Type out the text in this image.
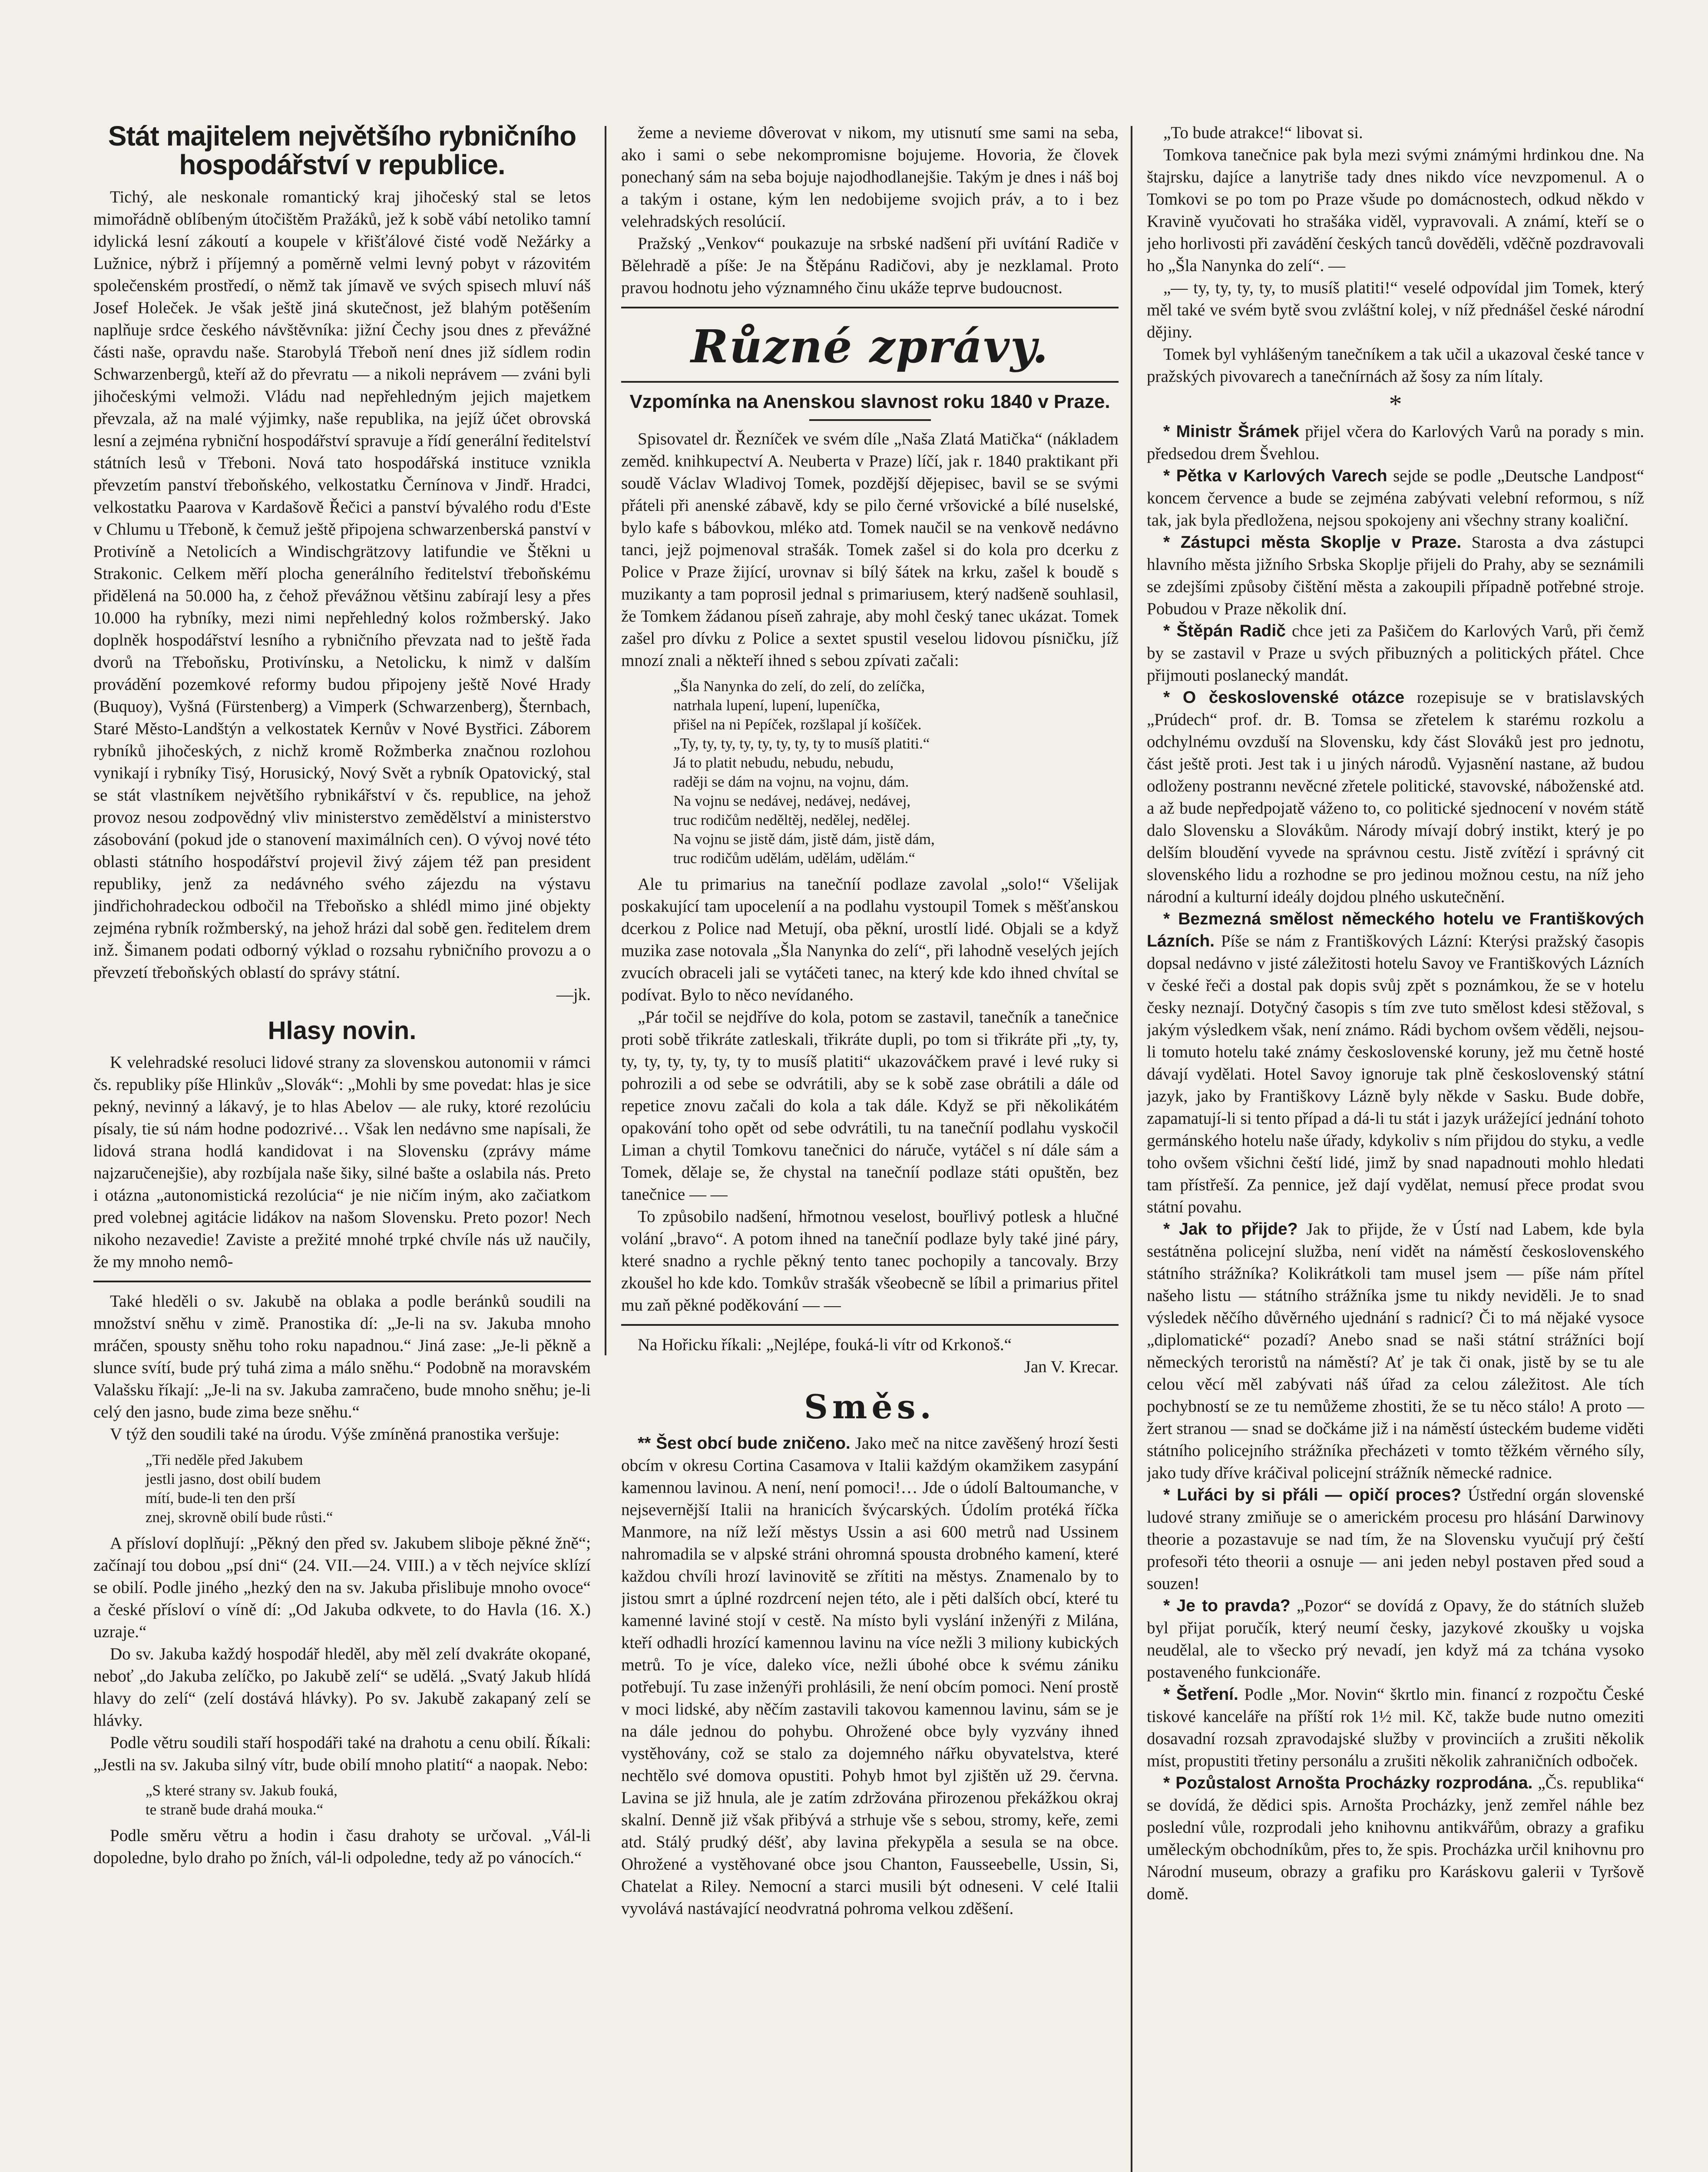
Stát majitelem největšího rybničního hospodářství v republice.

Tichý, ale neskonale romantický kraj jihočeský stal se letos mimořádně oblíbeným útočištěm Pražáků, jež k sobě vábí netoliko tamní idylická lesní zákoutí a koupele v křišťálové čisté vodě Nežárky a Lužnice, nýbrž i příjemný a poměrně velmi levný pobyt v rázovitém společenském prostředí, o němž tak jímavě ve svých spisech mluví náš Josef Holeček. Je však ještě jiná skutečnost, jež blahým potěšením naplňuje srdce českého návštěvníka: jižní Čechy jsou dnes z převážné části naše, opravdu naše. Starobylá Třeboň není dnes již sídlem rodin Schwarzenbergů, kteří až do převratu — a nikoli neprávem — zváni byli jihočeskými velmoži. Vládu nad nepřehledným jejich majetkem převzala, až na malé výjimky, naše republika, na jejíž účet obrovská lesní a zejména rybniční hospodářství spravuje a řídí generální ředitelství státních lesů v Třeboni. Nová tato hospodářská instituce vznikla převzetím panství třeboňského, velkostatku Černínova v Jindř. Hradci, velkostatku Paarova v Kardašově Řečici a panství bývalého rodu d'Este v Chlumu u Třeboně, k čemuž ještě připojena schwarzenberská panství v Protivíně a Netolicích a Windischgrätzovy latifundie ve Štěkni u Strakonic. Celkem měří plocha generálního ředitelství třeboňskému přidělená na 50.000 ha, z čehož převážnou většinu zabírají lesy a přes 10.000 ha rybníky, mezi nimi nepřehledný kolos rožmberský. Jako doplněk hospodářství lesního a rybničního převzata nad to ještě řada dvorů na Třeboňsku, Protivínsku, a Netolicku, k nimž v dalším provádění pozemkové reformy budou připojeny ještě Nové Hrady (Buquoy), Vyšná (Fürstenberg) a Vimperk (Schwarzenberg), Šternbach, Staré Město-Landštýn a velkostatek Kernův v Nové Bystřici. Záborem rybníků jihočeských, z nichž kromě Rožmberka značnou rozlohou vynikají i rybníky Tisý, Horusický, Nový Svět a rybník Opatovický, stal se stát vlastníkem největšího rybnikářství v čs. republice, na jehož provoz nesou zodpovědný vliv ministerstvo zemědělství a ministerstvo zásobování (pokud jde o stanovení maximálních cen). O vývoj nové této oblasti státního hospodářství projevil živý zájem též pan president republiky, jenž za nedávného svého zájezdu na výstavu jindřichohradeckou odbočil na Třeboňsko a shlédl mimo jiné objekty zejména rybník rožmberský, na jehož hrázi dal sobě gen. ředitelem drem inž. Šimanem podati odborný výklad o rozsahu rybničního provozu a o převzetí třeboňských oblastí do správy státní.

—jk.
Hlasy novin.

K velehradské resoluci lidové strany za slovenskou autonomii v rámci čs. republiky píše Hlinkův „Slovák“: „Mohli by sme povedat: hlas je sice pekný, nevinný a lákavý, je to hlas Abelov — ale ruky, ktoré rezolúciu písaly, tie sú nám hodne podozrivé… Však len nedávno sme napísali, že lidová strana hodlá kandidovat i na Slovensku (zprávy máme najzaručenejšie), aby rozbíjala naše šiky, silné bašte a oslabila nás. Preto i otázna „autonomistická rezolúcia“ je nie ničím iným, ako začiatkom pred volebnej agitácie lidákov na našom Slovensku. Preto pozor! Nech nikoho nezavedie! Zaviste a prežité mnohé trpké chvíle nás už naučily, že my mnoho nemô-

Také hleděli o sv. Jakubě na oblaka a podle beránků soudili na množství sněhu v zimě. Pranostika dí: „Je-li na sv. Jakuba mnoho mráčen, spousty sněhu toho roku napadnou.“ Jiná zase: „Je-li pěkně a slunce svítí, bude prý tuhá zima a málo sněhu.“ Podobně na moravském Valašsku říkají: „Je-li na sv. Jakuba zamračeno, bude mnoho sněhu; je-li celý den jasno, bude zima beze sněhu.“

V týž den soudili také na úrodu. Výše zmíněná pranostika veršuje:

„Tři neděle před Jakubem
jestli jasno, dost obilí budem
mítí, bude-li ten den prší
znej, skrovně obilí bude růsti.“

A přísloví doplňují: „Pěkný den před sv. Jakubem sliboje pěkné žně“; začínají tou dobou „psí dni“ (24. VII.—24. VIII.) a v těch nejvíce sklízí se obilí. Podle jiného „hezký den na sv. Jakuba přislibuje mnoho ovoce“ a české přísloví o víně dí: „Od Jakuba odkvete, to do Havla (16. X.) uzraje.“

Do sv. Jakuba každý hospodář hleděl, aby měl zelí dvakráte okopané, neboť „do Jakuba zelíčko, po Jakubě zelí“ se udělá. „Svatý Jakub hlídá hlavy do zelí“ (zelí dostává hlávky). Po sv. Jakubě zakapaný zelí se hlávky.

Podle větru soudili staří hospodáři také na drahotu a cenu obilí. Říkali: „Jestli na sv. Jakuba silný vítr, bude obilí mnoho platití“ a naopak. Nebo:

„S které strany sv. Jakub fouká,
te straně bude drahá mouka.“

Podle směru větru a hodin i času drahoty se určoval. „Vál-li dopoledne, bylo draho po žních, vál-li odpoledne, tedy až po vánocích.“

žeme a nevieme dôverovat v nikom, my utisnutí sme sami na seba, ako i sami o sebe nekompromisne bojujeme. Hovoria, že človek ponechaný sám na seba bojuje najodhodlanejšie. Takým je dnes i náš boj a takým i ostane, kým len nedobijeme svojich práv, a to i bez velehradských resolúcií.

Pražský „Venkov“ poukazuje na srbské nadšení při uvítání Radiče v Bělehradě a píše: Je na Štěpánu Radičovi, aby je nezklamal. Proto pravou hodnotu jeho významného činu ukáže teprve budoucnost.

Různé zprávy.
Vzpomínka na Anenskou slavnost roku 1840 v Praze.

Spisovatel dr. Řezníček ve svém díle „Naša Zlatá Matička“ (nákladem zeměd. knihkupectví A. Neuberta v Praze) líčí, jak r. 1840 praktikant při soudě Václav Wladivoj Tomek, pozdější dějepisec, bavil se se svými přáteli při anenské zábavě, kdy se pilo černé vršovické a bílé nuselské, bylo kafe s bábovkou, mléko atd. Tomek naučil se na venkově nedávno tanci, jejž pojmenoval strašák. Tomek zašel si do kola pro dcerku z Police v Praze žijící, urovnav si bílý šátek na krku, zašel k boudě s muzikanty a tam poprosil jednal s primariusem, který nadšeně souhlasil, že Tomkem žádanou píseň zahraje, aby mohl český tanec ukázat. Tomek zašel pro dívku z Police a sextet spustil veselou lidovou písničku, jíž mnozí znali a někteří ihned s sebou zpívati začali:

„Šla Nanynka do zelí, do zelí, do zelíčka,
natrhala lupení, lupení, lupeníčka,
přišel na ni Pepíček, rozšlapal jí košíček.
„Ty, ty, ty, ty, ty, ty, ty, ty to musíš platiti.“
Já to platit nebudu, nebudu, nebudu,
raději se dám na vojnu, na vojnu, dám.
Na vojnu se nedávej, nedávej, nedávej,
truc rodičům neděltěj, nedělej, nedělej.
Na vojnu se jistě dám, jistě dám, jistě dám,
truc rodičům udělám, udělám, udělám.“

Ale tu primarius na tanečníí podlaze zavolal „solo!“ Všelijak poskakující tam upoceleníí a na podlahu vystoupil Tomek s měšťanskou dcerkou z Police nad Metují, oba pěkní, urostlí lidé. Objali se a když muzika zase notovala „Šla Nanynka do zelí“, při lahodně veselých jejích zvucích obraceli jali se vytáčeti tanec, na který kde kdo ihned chvítal se podívat. Bylo to něco nevídaného.

„Pár točil se nejdříve do kola, potom se zastavil, tanečník a tanečnice proti sobě třikráte zatleskali, třikráte dupli, po tom si třikráte při „ty, ty, ty, ty, ty, ty, ty, ty to musíš platiti“ ukazováčkem pravé i levé ruky si pohrozili a od sebe se odvrátili, aby se k sobě zase obrátili a dále od repetice znovu začali do kola a tak dále. Když se při několikátém opakování toho opět od sebe odvrátili, tu na tanečníí podlahu vyskočil Liman a chytil Tomkovu tanečnici do náruče, vytáčel s ní dále sám a Tomek, dělaje se, že chystal na tanečníí podlaze státi opuštěn, bez tanečnice — —

To způsobilo nadšení, hřmotnou veselost, bouřlivý potlesk a hlučné volání „bravo“. A potom ihned na tanečníí podlaze byly také jiné páry, které snadno a rychle pěkný tento tanec pochopily a tancovaly. Brzy zkoušel ho kde kdo. Tomkův strašák všeobecně se líbil a primarius přitel mu zaň pěkné poděkování — —

Na Hořicku říkali: „Nejlépe, fouká-li vítr od Krkonoš.“

Jan V. Krecar.
Směs.

** Šest obcí bude zničeno. Jako meč na nitce zavěšený hrozí šesti obcím v okresu Cortina Casamova v Italii každým okamžikem zasypání kamennou lavinou. A není, není pomoci!… Jde o údolí Baltoumanche, v nejsevernější Italii na hranicích švýcarských. Údolím protéká říčka Manmore, na níž leží městys Ussin a asi 600 metrů nad Ussinem nahromadila se v alpské stráni ohromná spousta drobného kamení, které každou chvíli hrozí lavinovitě se zřítiti na městys. Znamenalo by to jistou smrt a úplné rozdrcení nejen této, ale i pěti dalších obcí, které tu kamenné laviné stojí v cestě. Na místo byli vyslání inženýři z Milána, kteří odhadli hrozící kamennou lavinu na více nežli 3 miliony kubických metrů. To je více, daleko více, nežli úbohé obce k svému zániku potřebují. Tu zase inženýři prohlásili, že není obcím pomoci. Není prostě v moci lidské, aby něčím zastavili takovou kamennou lavinu, sám se je na dále jednou do pohybu. Ohrožené obce byly vyzvány ihned vystěhovány, což se stalo za dojemného nářku obyvatelstva, které nechtělo své domova opustiti. Pohyb hmot byl zjištěn už 29. června. Lavina se již hnula, ale je zatím zdržována přirozenou překážkou okraj skalní. Denně již však přibývá a strhuje vše s sebou, stromy, keře, zemi atd. Stálý prudký déšť, aby lavina překypěla a sesula se na obce. Ohrožené a vystěhované obce jsou Chanton, Fausseebelle, Ussin, Si, Chatelat a Riley. Nemocní a starci musili být odneseni. V celé Italii vyvolává nastávající neodvratná pohroma velkou zděšení.

„To bude atrakce!“ libovat si.

Tomkova tanečnice pak byla mezi svými známými hrdinkou dne. Na štajrsku, dajíce a lanytriše tady dnes nikdo více nevzpomenul. A o Tomkovi se po tom po Praze všude po domácnostech, odkud někdo v Kravině vyučovati ho strašáka viděl, vypravovali. A známí, kteří se o jeho horlivosti při zavádění českých tanců dověděli, vděčně pozdravovali ho „Šla Nanynka do zelí“. —

„— ty, ty, ty, ty, to musíš platiti!“ veselé odpovídal jim Tomek, který měl také ve svém bytě svou zvláštní kolej, v níž přednášel české národní dějiny.

Tomek byl vyhlášeným tanečníkem a tak učil a ukazoval české tance v pražských pivovarech a tanečnírnách až šosy za ním lítaly.

*

* Ministr Šrámek přijel včera do Karlových Varů na porady s min. předsedou drem Švehlou.

* Pětka v Karlových Varech sejde se podle „Deutsche Landpost“ koncem července a bude se zejména zabývati velební reformou, s níž tak, jak byla předložena, nejsou spokojeny ani všechny strany koaliční.

* Zástupci města Skoplje v Praze. Starosta a dva zástupci hlavního města jižního Srbska Skoplje přijeli do Prahy, aby se seznámili se zdejšími způsoby čištění města a zakoupili případně potřebné stroje. Pobudou v Praze několik dní.

* Štěpán Radič chce jeti za Pašičem do Karlových Varů, při čemž by se zastavil v Praze u svých přibuzných a politických přátel. Chce přijmouti poslanecký mandát.

* O československé otázce rozepisuje se v bratislavských „Prúdech“ prof. dr. B. Tomsa se zřetelem k starému rozkolu a odchylnému ovzduší na Slovensku, kdy část Slováků jest pro jednotu, část ještě proti. Jest tak i u jiných národů. Vyjasnění nastane, až budou odloženy postrannı nevěcné zřetele politické, stavovské, náboženské atd. a až bude nepředpojatě váženo to, co politické sjednocení v novém státě dalo Slovensku a Slovákům. Národy mívají dobrý instikt, který je po delším bloudění vyvede na správnou cestu. Jistě zvítězí i správný cit slovenského lidu a rozhodne se pro jedinou možnou cestu, na níž jeho národní a kulturní ideály dojdou plného uskutečnění.

* Bezmezná smělost německého hotelu ve Františkových Lázních. Píše se nám z Františkových Lázní: Kterýsi pražský časopis dopsal nedávno v jisté záležitosti hotelu Savoy ve Františkových Lázních v české řeči a dostal pak dopis svůj zpět s poznámkou, že se v hotelu česky neznají. Dotyčný časopis s tím zve tuto smělost kdesi stěžoval, s jakým výsledkem však, není známo. Rádi bychom ovšem věděli, nejsou-li tomuto hotelu také známy československé koruny, jež mu četně hosté dávají vydělati. Hotel Savoy ignoruje tak plně československý státní jazyk, jako by Františkovy Lázně byly někde v Sasku. Bude dobře, zapamatují-li si tento případ a dá-li tu stát i jazyk urážející jednání tohoto germánského hotelu naše úřady, kdykoliv s ním přijdou do styku, a vedle toho ovšem všichni čeští lidé, jimž by snad napadnouti mohlo hledati tam přístřeší. Za pennice, jež dají vydělat, nemusí přece prodat svou státní povahu.

* Jak to přijde? Jak to přijde, že v Ústí nad Labem, kde byla sestátněna policejní služba, není vidět na náměstí československého státního strážníka? Kolikrátkoli tam musel jsem — píše nám přítel našeho listu — státního strážníka jsme tu nikdy neviděli. Je to snad výsledek něčího důvěrného ujednání s radnicí? Či to má nějaké vysoce „diplomatické“ pozadí? Anebo snad se naši státní strážníci bojí německých teroristů na náměstí? Ať je tak či onak, jistě by se tu ale celou věcí měl zabývati náš úřad za celou záležitost. Ale tích pochybností se ze tu nemůžeme zhostiti, že se tu něco stálo! A proto — žert stranou — snad se dočkáme již i na náměstí ústeckém budeme viděti státního policejního strážníka přecházeti v tomto těžkém věrného síly, jako tudy dříve kráčival policejní strážník německé radnice.

* Luřáci by si přáli — opičí proces? Ústřední orgán slovenské ludové strany zmiňuje se o americkém procesu pro hlásání Darwinovy theorie a pozastavuje se nad tím, že na Slovensku vyučují prý čeští profesoři této theorii a osnuje — ani jeden nebyl postaven před soud a souzen!

* Je to pravda? „Pozor“ se dovídá z Opavy, že do státních služeb byl přijat poručík, který neumí česky, jazykové zkoušky u vojska neudělal, ale to všecko prý nevadí, jen když má za tchána vysoko postaveného funkcionáře.

* Šetření. Podle „Mor. Novin“ škrtlo min. financí z rozpočtu České tiskové kanceláře na příští rok 1½ mil. Kč, takže bude nutno omeziti dosavadní rozsah zpravodajské služby v provinciích a zrušiti několik míst, propustiti třetiny personálu a zrušiti několik zahraničních odboček.

* Pozůstalost Arnošta Procházky rozprodána. „Čs. republika“ se dovídá, že dědici spis. Arnošta Procházky, jenž zemřel náhle bez poslední vůle, rozprodali jeho knihovnu antikvářům, obrazy a grafiku uměleckým obchodníkům, přes to, že spis. Procházka určil knihovnu pro Národní museum, obrazy a grafiku pro Karáskovu galerii v Tyršově domě.
